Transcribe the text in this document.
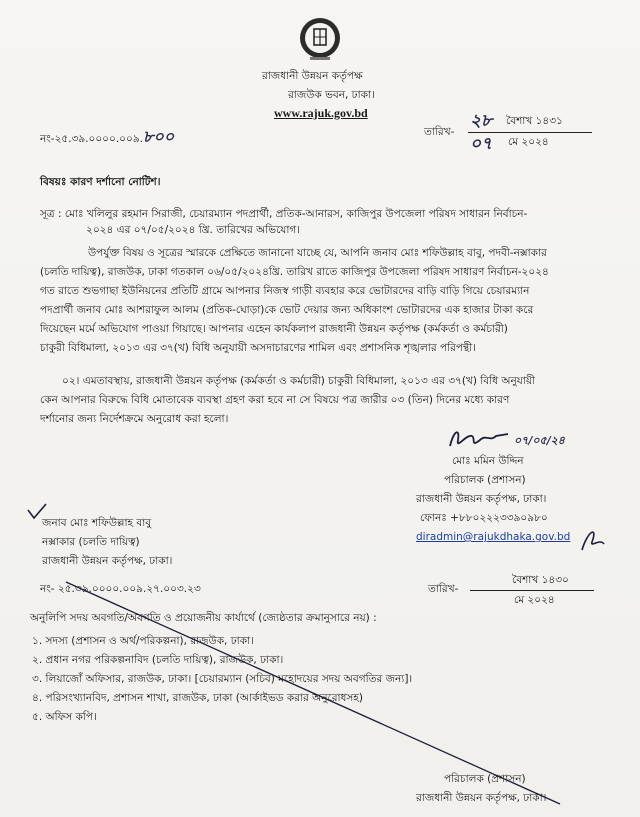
রাজধানী উন্নয়ন কর্তৃপক্ষ
রাজউক ভবন, ঢাকা।
www.rajuk.gov.bd
নং-২৫.৩৯.০০০০.০০৯.৮০০	তারিখ-
২৮ বৈশাখ ১৪৩১
০৭ মে ২০২৪
বিষয়ঃ কারণ দর্শানো নোটিশ।
সূত্র : মোঃ খলিলুর রহমান সিরাজী, চেয়ারম্যান পদপ্রার্থী, প্রতিক-আনারস, কাজিপুর উপজেলা পরিষদ সাধারন নির্বাচন-
২০২৪ এর ০৭/০৫/২০২৪ খ্রি. তারিখের অভিযোগ।
উপর্যুক্ত বিষয় ও সূত্রের স্মারকে প্রেক্ষিতে জানানো যাচ্ছে যে, আপনি জনাব মোঃ শফিউল্লাহ বাবু, পদবী-নক্সাকার
(চলতি দায়িত্ব), রাজউক, ঢাকা গতকাল ০৬/০৫/২০২৪খ্রি. তারিখ রাতে কাজিপুর উপজেলা পরিষদ সাধারণ নির্বাচন-২০২৪
গত রাতে শুভগাছা ইউনিয়নের প্রতিটি গ্রামে আপনার নিজস্ব গাড়ী ব্যবহার করে ভোটারদের বাড়ি বাড়ি গিয়ে চেয়ারম্যান
পদপ্রার্থী জনাব মোঃ আশরাফুল আলম (প্রতিক-ঘোড়া)কে ভোট দেয়ার জন্য অধিকাংশ ভোটারদের এক হাজার টাকা করে
দিয়েছেন মর্মে অভিযোগ পাওয়া গিয়াছে। আপনার এহেন কার্যকলাপ রাজধানী উন্নয়ন কর্তৃপক্ষ (কর্মকর্তা ও কর্মচারী)
চাকুরী বিধিমালা, ২০১৩ এর ৩৭(খ) বিধি অনুযায়ী অসদাচারণের শামিল এবং প্রশাসনিক শৃঙ্খলার পরিপন্থী।
০২। এমতাবস্থায়, রাজধানী উন্নয়ন কর্তৃপক্ষ (কর্মকর্তা ও কর্মচারী) চাকুরী বিধিমালা, ২০১৩ এর ৩৭(খ) বিধি অনুযায়ী
কেন আপনার বিরুদ্ধে বিধি মোতাবেক ব্যবস্থা গ্রহণ করা হবে না সে বিষয়ে পত্র জারীর ০৩ (তিন) দিনের মধ্যে কারণ
দর্শানোর জন্য নির্দেশক্রমে অনুরোধ করা হলো।
০৭/০৫/২৪
মোঃ মমিন উদ্দিন
পরিচালক (প্রশাসন)
রাজধানী উন্নয়ন কর্তৃপক্ষ, ঢাকা।
ফোনঃ +৮৮০২২২৩৩৯০৯৮০
diradmin@rajukdhaka.gov.bd
জনাব মোঃ শফিউল্লাহ বাবু
নক্সাকার (চলতি দায়িত্ব)
রাজধানী উন্নয়ন কর্তৃপক্ষ, ঢাকা।
নং- ২৫.৩৯.০০০০.০০৯.২৭.০০৩.২৩	তারিখ-
বৈশাখ ১৪৩০
মে ২০২৪
অনুলিপি সদয় অবগতি/অবগতি ও প্রয়োজনীয় কার্যার্থে (জ্যেষ্ঠতার ক্রমানুসারে নয়) :
১. সদস্য (প্রশাসন ও অর্থ/পরিকল্পনা), রাজউক, ঢাকা।
২. প্রধান নগর পরিকল্পনাবিদ (চলতি দায়িত্ব), রাজউক, ঢাকা।
৩. লিয়াজোঁ অফিসার, রাজউক, ঢাকা। [চেয়ারম্যান (সচিব) মহোদয়ের সদয় অবগতির জন্য]।
৪. পরিসংখ্যানবিদ, প্রশাসন শাখা, রাজউক, ঢাকা (আর্কাইভড করার অনুরোধসহ)
৫. অফিস কপি।
পরিচালক (প্রশাসন)
রাজধানী উন্নয়ন কর্তৃপক্ষ, ঢাকা।
